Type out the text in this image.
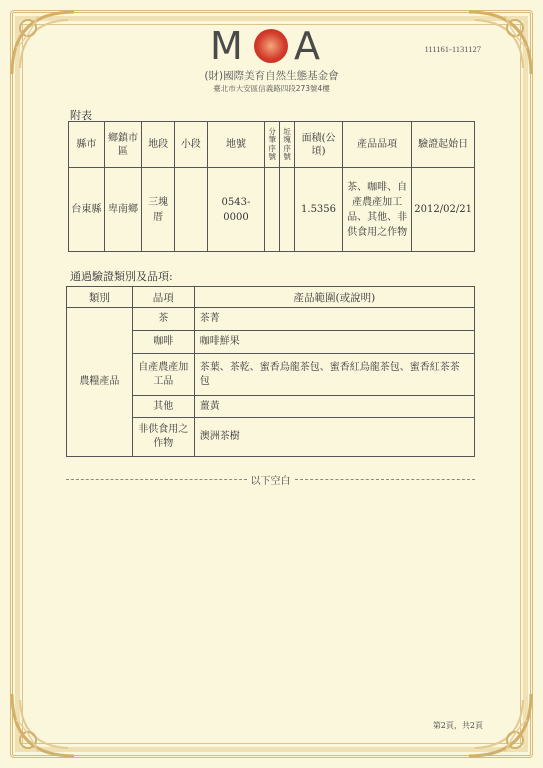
M A	111161-1131127
(財)國際美育自然生態基金會
臺北市大安區信義路四段273號4樓
附表
縣市	鄉鎮市區	地段	小段	地號	分筆序號	坵塊序號	面積(公頃)	產品品項	驗證起始日
台東縣	卑南鄉	三塊厝		0543-0000			1.5356	茶、咖啡、自產農產加工品、其他、非供食用之作物	2012/02/21
通過驗證類別及品項:
類別	品項	產品範圍(或說明)
農糧產品	茶	茶菁
	咖啡	咖啡鮮果
	自產農產加工品	茶葉、茶乾、蜜香烏龍茶包、蜜香紅烏龍茶包、蜜香紅茶茶包
	其他	薑黃
	非供食用之作物	澳洲茶樹
以下空白
第2頁，共2頁
